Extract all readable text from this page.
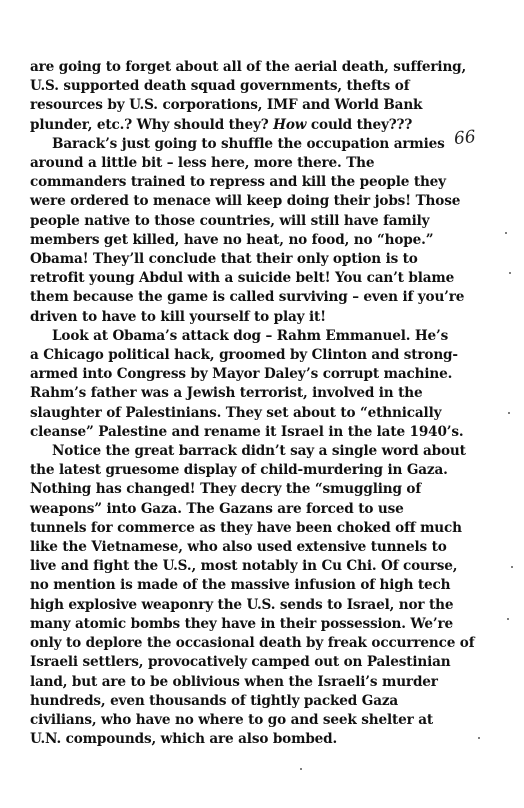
are going to forget about all of the aerial death, suffering,
U.S. supported death squad governments, thefts of
resources by U.S. corporations, IMF and World Bank
plunder, etc.? Why should they? How could they???
Barack’s just going to shuffle the occupation armies
around a little bit – less here, more there. The
commanders trained to repress and kill the people they
were ordered to menace will keep doing their jobs! Those
people native to those countries, will still have family
members get killed, have no heat, no food, no “hope.”
Obama! They’ll conclude that their only option is to
retrofit young Abdul with a suicide belt! You can’t blame
them because the game is called surviving – even if you’re
driven to have to kill yourself to play it!
Look at Obama’s attack dog – Rahm Emmanuel. He’s
a Chicago political hack, groomed by Clinton and strong-
armed into Congress by Mayor Daley’s corrupt machine.
Rahm’s father was a Jewish terrorist, involved in the
slaughter of Palestinians. They set about to “ethnically
cleanse” Palestine and rename it Israel in the late 1940’s.
Notice the great barrack didn’t say a single word about
the latest gruesome display of child-murdering in Gaza.
Nothing has changed! They decry the “smuggling of
weapons” into Gaza. The Gazans are forced to use
tunnels for commerce as they have been choked off much
like the Vietnamese, who also used extensive tunnels to
live and fight the U.S., most notably in Cu Chi. Of course,
no mention is made of the massive infusion of high tech
high explosive weaponry the U.S. sends to Israel, nor the
many atomic bombs they have in their possession. We’re
only to deplore the occasional death by freak occurrence of
Israeli settlers, provocatively camped out on Palestinian
land, but are to be oblivious when the Israeli’s murder
hundreds, even thousands of tightly packed Gaza
civilians, who have no where to go and seek shelter at
U.N. compounds, which are also bombed.
66
